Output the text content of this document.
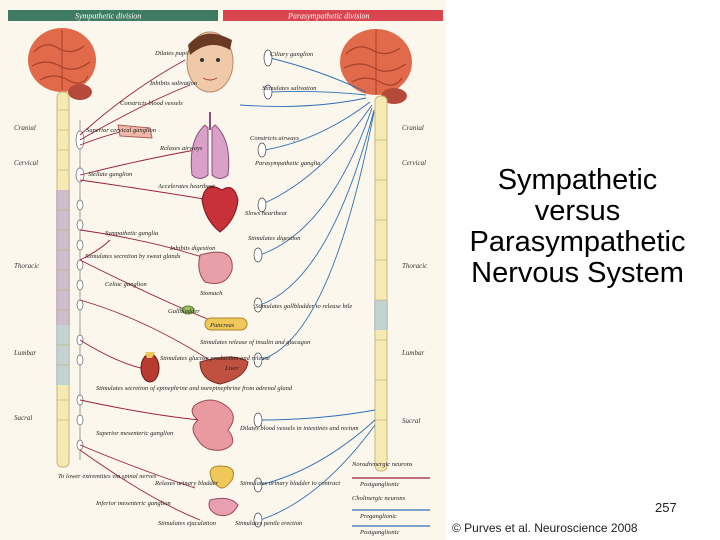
Sympathetic division	Parasympathetic division
Cranial
Cervical
Thoracic
Lumbar
Sacral
Cranial
Cervical
Thoracic
Lumbar
Sacral
Dilates pupil	Ciliary ganglion
Inhibits salivation
Stimulates salivation
Constricts blood vessels
Superior cervical ganglion
Relaxes airways
Constricts airways
Parasympathetic ganglia
Stellate ganglion
Accelerates heartbeat
Slows heartbeat
Sympathetic ganglia
Stimulates secretion by sweat glands
Inhibits digestion
Stimulates digestion
Celiac ganglion
Stomach
Gallbladder
Pancreas
Stimulates gallbladder to release bile
Stimulates release of insulin and glucagon
Liver
Stimulates glucose production and release
Stimulates secretion of epinephrine and norepinephrine from adrenal gland
Superior mesenteric ganglion
Dilates blood vessels in intestines and rectum
To lower extremities via spinal nerves
Relaxes urinary bladder	Stimulates urinary bladder to contract
Inferior mesenteric ganglion
Stimulates ejaculation	Stimulates penile erection
Noradrenergic neurons
Postganglionic
Cholinergic neurons
Preganglionic
Postganglionic
Sympathetic
versus
Parasympathetic
Nervous System
257
© Purves et al. Neuroscience 2008
